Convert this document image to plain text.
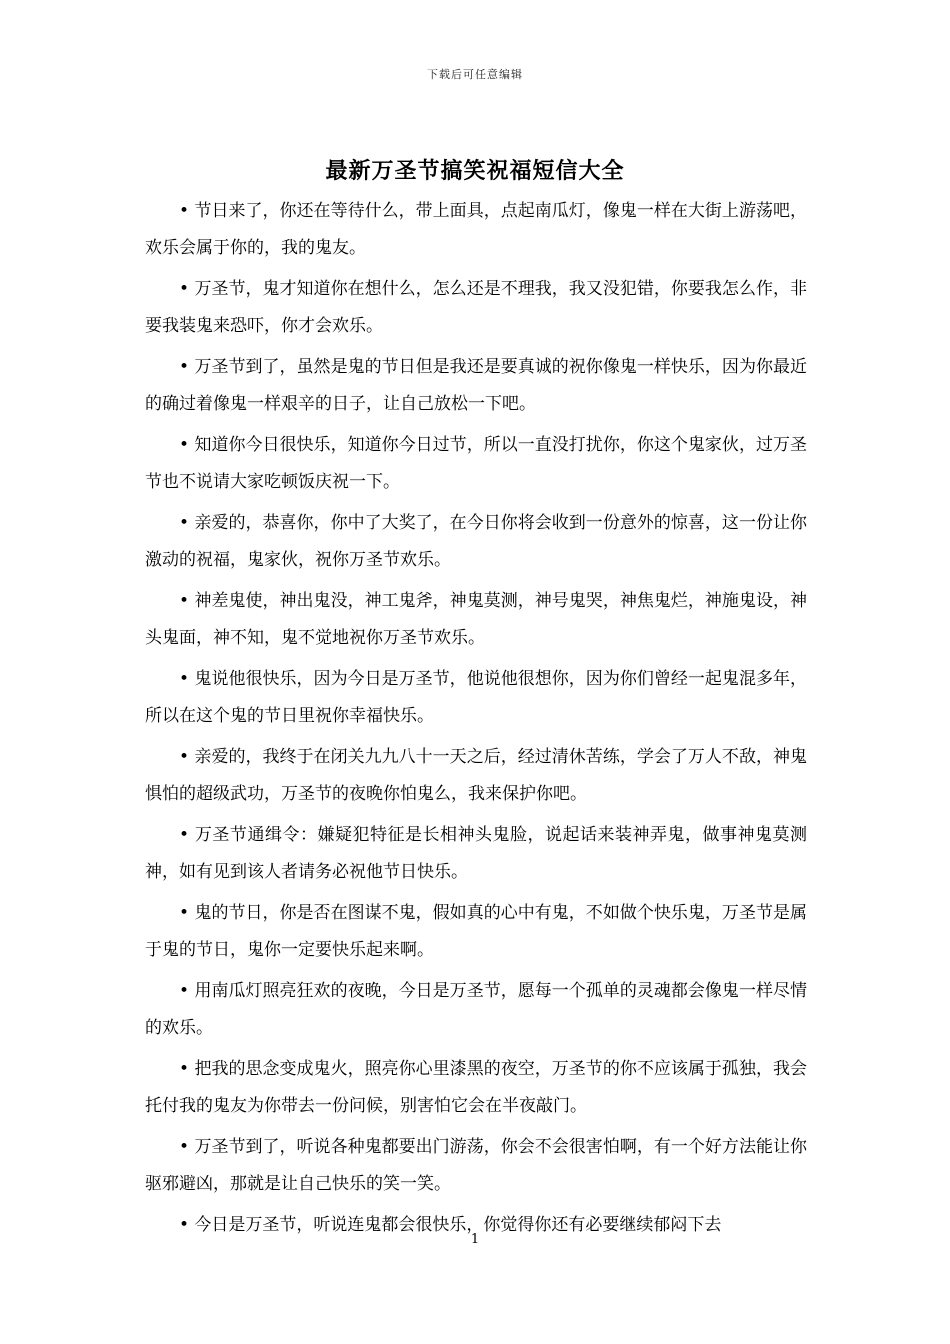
下载后可任意编辑
最新万圣节搞笑祝福短信大全

• 节日来了，你还在等待什么，带上面具，点起南瓜灯，像鬼一样在大街上游荡吧，欢乐会属于你的，我的鬼友。

• 万圣节，鬼才知道你在想什么，怎么还是不理我，我又没犯错，你要我怎么作，非要我装鬼来恐吓，你才会欢乐。

• 万圣节到了，虽然是鬼的节日但是我还是要真诚的祝你像鬼一样快乐，因为你最近的确过着像鬼一样艰辛的日子，让自己放松一下吧。

• 知道你今日很快乐，知道你今日过节，所以一直没打扰你，你这个鬼家伙，过万圣节也不说请大家吃顿饭庆祝一下。

• 亲爱的，恭喜你，你中了大奖了，在今日你将会收到一份意外的惊喜，这一份让你激动的祝福，鬼家伙，祝你万圣节欢乐。

• 神差鬼使，神出鬼没，神工鬼斧，神鬼莫测，神号鬼哭，神焦鬼烂，神施鬼设，神头鬼面，神不知，鬼不觉地祝你万圣节欢乐。

• 鬼说他很快乐，因为今日是万圣节，他说他很想你，因为你们曾经一起鬼混多年，所以在这个鬼的节日里祝你幸福快乐。

• 亲爱的，我终于在闭关九九八十一天之后，经过清休苦练，学会了万人不敌，神鬼惧怕的超级武功，万圣节的夜晚你怕鬼么，我来保护你吧。

• 万圣节通缉令：嫌疑犯特征是长相神头鬼脸，说起话来装神弄鬼，做事神鬼莫测神，如有见到该人者请务必祝他节日快乐。

• 鬼的节日，你是否在图谋不鬼，假如真的心中有鬼，不如做个快乐鬼，万圣节是属于鬼的节日，鬼你一定要快乐起来啊。

• 用南瓜灯照亮狂欢的夜晚，今日是万圣节，愿每一个孤单的灵魂都会像鬼一样尽情的欢乐。

• 把我的思念变成鬼火，照亮你心里漆黑的夜空，万圣节的你不应该属于孤独，我会托付我的鬼友为你带去一份问候，别害怕它会在半夜敲门。

• 万圣节到了，听说各种鬼都要出门游荡，你会不会很害怕啊，有一个好方法能让你驱邪避凶，那就是让自己快乐的笑一笑。

• 今日是万圣节，听说连鬼都会很快乐，你觉得你还有必要继续郁闷下去

1
